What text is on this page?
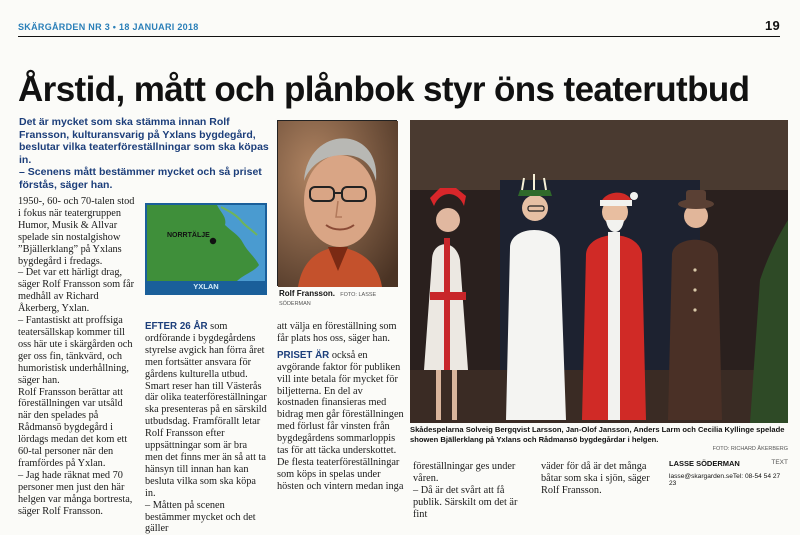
SKÄRGÅRDEN NR 3 • 18 JANUARI 2018	19
Årstid, mått och plånbok styr öns teaterutbud

Det är mycket som ska stämma innan Rolf Fransson, kulturansvarig på Yxlans bygdegård, beslutar vilka teaterföreställningar som ska köpas in.

– Scenens mått bestämmer mycket och så priset förstås, säger han.

1950-, 60- och 70-talen stod i fokus när teatergruppen Humor, Musik & Allvar spelade sin nostalgishow ”Bjällerklang” på Yxlans bygdegård i fredags.

– Det var ett härligt drag, säger Rolf Fransson som får medhåll av Richard Åkerberg, Yxlan.

– Fantastiskt att proffsiga teatersällskap kommer till oss här ute i skärgården och ger oss fin, tänkvärd, och humoristisk underhållning, säger han.

Rolf Fransson berättar att föreställningen var utsåld när den spelades på Rådmansö bygdegård i lördags medan det kom ett 60-tal personer när den framfördes på Yxlan.

– Jag hade räknat med 70 personer men just den här helgen var många bortresta, säger Rolf Fransson.

NORRTÄLJE
YXLAN
Rolf Fransson. FOTO: LASSE SÖDERMAN

EFTER 26 ÅR som ordförande i bygdegårdens styrelse avgick han förra året men fortsätter ansvara för gårdens kulturella utbud. Smart reser han till Västerås där olika teaterföreställningar ska presenteras på en särskild utbudsdag. Framförallt letar Rolf Fransson efter uppsättningar som är bra men det finns mer än så att ta hänsyn till innan han kan besluta vilka som ska köpa in.

– Måtten på scenen bestämmer mycket och det gäller

att välja en föreställning som får plats hos oss, säger han.

PRISET ÄR också en avgörande faktor för publiken vill inte betala för mycket för biljetterna. En del av kostnaden finansieras med bidrag men går föreställningen med förlust får vinsten från bygdegårdens sommarloppis tas för att täcka underskottet.

De flesta teaterföreställningar som köps in spelas under hösten och vintern medan inga

Skådespelarna Solveig Bergqvist Larsson, Jan-Olof Jansson, Anders Larm och Cecilia Kyllinge spelade showen Bjällerklang på Yxlans och Rådmansö bygdegårdar i helgen.
FOTO: RICHARD ÅKERBERG

föreställningar ges under våren.

– Då är det svårt att få publik. Särskilt om det är fint

väder för då är det många båtar som ska i sjön, säger Rolf Fransson.

LASSE SÖDERMAN	TEXT
lasse@skargarden.seTel: 08-54 54 27 23
